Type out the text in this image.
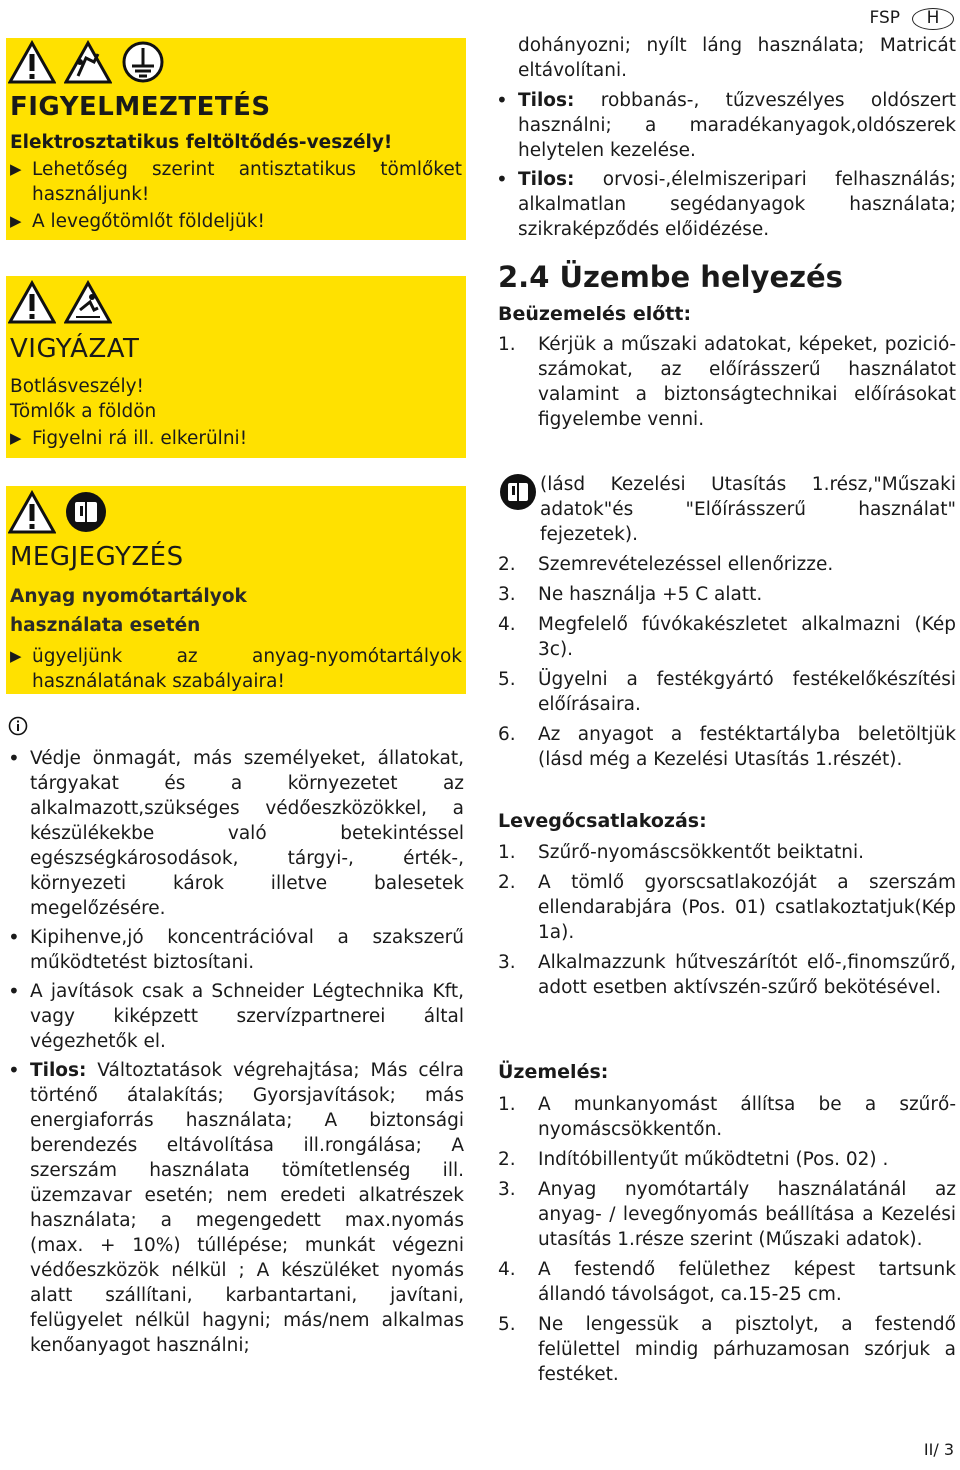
FSP	H
FIGYELMEZTETÉS
Elektrosztatikus feltöltődés-veszély!
▶ Lehetőség szerint antisztatikus tömlőket használjunk!
▶ A levegőtömlőt földeljük!
VIGYÁZAT
Botlásveszély!
Tömlők a földön
▶ Figyelni rá ill. elkerülni!
MEGJEGYZÉS
Anyag nyomótartályok
használata esetén
▶ ügyeljünk az anyag-nyomótartályok használatának szabályaira!
• Védje önmagát, más személyeket, állatokat, tárgyakat és a környezetet az alkalmazott,szükséges védőeszközökkel, a készülékekbe való betekintéssel egészségkárosodások, tárgyi-, érték-, környezeti károk illetve balesetek megelőzésére.
• Kipihenve,jó koncentrációval a szakszerű működtetést biztosítani.
• A javítások csak a Schneider Légtechnika Kft, vagy kiképzett szervízpartnerei által végezhetők el.
• Tilos: Változtatások végrehajtása; Más célra történő átalakítás; Gyorsjavítások; más energiaforrás használata; A biztonsági berendezés eltávolítása ill.rongálása; A szerszám használata tömítetlenség ill. üzemzavar esetén; nem eredeti alkatrészek használata; a megengedett max.nyomás (max. + 10%) túllépése; munkát végezni védőeszközök nélkül ; A készüléket nyomás alatt szállítani, karbantartani, javítani, felügyelet nélkül hagyni; más/nem alkalmas kenőanyagot használni;
dohányozni; nyílt láng használata; Matricát eltávolítani.
• Tilos: robbanás-, tűzveszélyes oldószert használni; a maradékanyagok,oldószerek helytelen kezelése.
• Tilos: orvosi-,élelmiszeripari felhasználás; alkalmatlan segédanyagok használata; szikraképződés előidézése.
2.4 Üzembe helyezés
Beüzemelés előtt:
1.	Kérjük a műszaki adatokat, képeket, poziciószámokat, az előírásszerű használatot valamint a biztonságtechnikai előírásokat figyelembe venni.
(lásd Kezelési Utasítás 1.rész,"Műszaki adatok"és "Előírásszerű használat" fejezetek).
2.	Szemrevételezéssel ellenőrizze.
3.	Ne használja +5 C alatt.
4.	Megfelelő fúvókakészletet alkalmazni (Kép 3c).
5.	Ügyelni a festékgyártó festékelőkészítési előírásaira.
6.	Az anyagot a festéktartályba beletöltjük (lásd még a Kezelési Utasítás 1.részét).
Levegőcsatlakozás:
1.	Szűrő-nyomáscsökkentőt beiktatni.
2.	A tömlő gyorscsatlakozóját a szerszám ellendarabjára (Pos. 01) csatlakoztatjuk(Kép 1a).
3.	Alkalmazzunk hűtveszárítót elő-,finomszűrő, adott esetben aktívszén-szűrő bekötésével.
Üzemelés:
1.	A munkanyomást állítsa be a szűrő-nyomáscsökkentőn.
2.	Indítóbillentyűt működtetni (Pos. 02) .
3.	Anyag nyomótartály használatánál az anyag- / levegőnyomás beállítása a Kezelési utasítás 1.része szerint (Műszaki adatok).
4.	A festendő felülethez képest tartsunk állandó távolságot, ca.15-25 cm.
5.	Ne lengessük a pisztolyt, a festendő felülettel mindig párhuzamosan szórjuk a festéket.
II/ 3
